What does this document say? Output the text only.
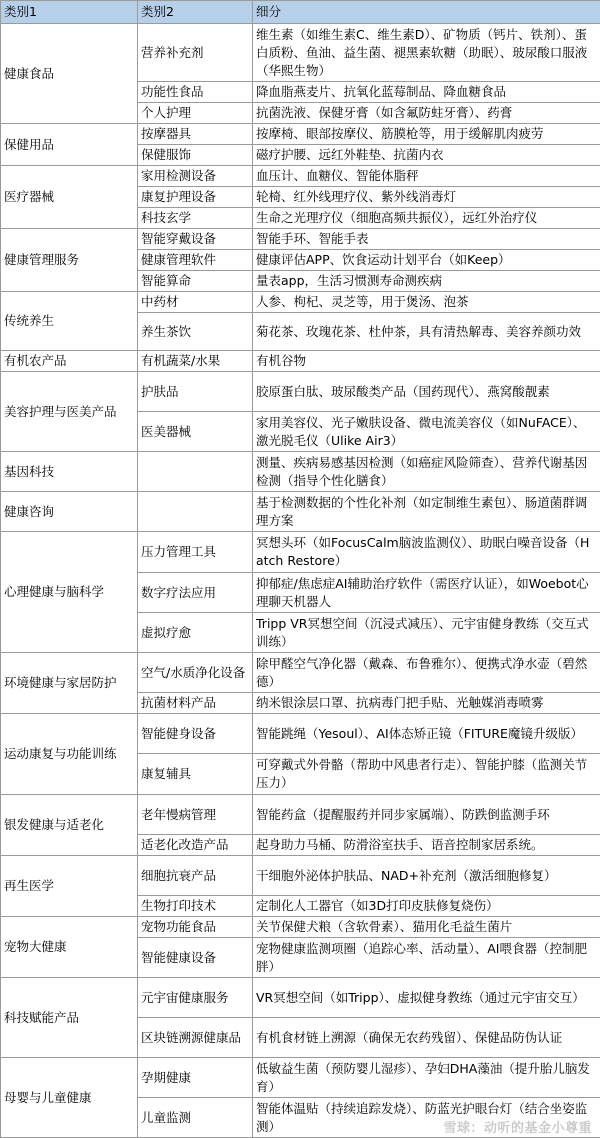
类别1	类别2	细分
健康食品	营养补充剂	维生素（如维生素C、维生素D）、矿物质（钙片、铁剂）、蛋白质粉、鱼油、益生菌、褪黑素软糖（助眠）、玻尿酸口服液（华熙生物）
	功能性食品	降血脂燕麦片、抗氧化蓝莓制品、降血糖食品
	个人护理	抗菌洗液、保健牙膏（如含氟防蛀牙膏）、药膏
保健用品	按摩器具	按摩椅、眼部按摩仪、筋膜枪等，用于缓解肌肉疲劳
	保健服饰	磁疗护腰、远红外鞋垫、抗菌内衣
医疗器械	家用检测设备	血压计、血糖仪、智能体脂秤
	康复护理设备	轮椅、红外线理疗仪、紫外线消毒灯
	科技玄学	生命之光理疗仪（细胞高频共振仪），远红外治疗仪
健康管理服务	智能穿戴设备	智能手环、智能手表
	健康管理软件	健康评估APP、饮食运动计划平台（如Keep）
	智能算命	量表app，生活习惯测寿命测疾病
传统养生	中药材	人参、枸杞、灵芝等，用于煲汤、泡茶
	养生茶饮	菊花茶、玫瑰花茶、杜仲茶，具有清热解毒、美容养颜功效
有机农产品	有机蔬菜/水果	有机谷物
美容护理与医美产品	护肤品	胶原蛋白肽、玻尿酸类产品（国药现代）、燕窝酸靓素
	医美器械	家用美容仪、光子嫩肤设备、微电流美容仪（如NuFACE）、激光脱毛仪（Ulike Air3）
基因科技		测量、疾病易感基因检测（如癌症风险筛查）、营养代谢基因检测（指导个性化膳食）
健康咨询		基于检测数据的个性化补剂（如定制维生素包）、肠道菌群调理方案
心理健康与脑科学	压力管理工具	冥想头环（如FocusCalm脑波监测仪）、助眠白噪音设备（Hatch Restore）
	数字疗法应用	抑郁症/焦虑症AI辅助治疗软件（需医疗认证），如Woebot心理聊天机器人
	虚拟疗愈	Tripp VR冥想空间（沉浸式减压）、元宇宙健身教练（交互式训练）
环境健康与家居防护	空气/水质净化设备	除甲醛空气净化器（戴森、布鲁雅尔）、便携式净水壶（碧然德）
	抗菌材料产品	纳米银涂层口罩、抗病毒门把手贴、光触媒消毒喷雾
运动康复与功能训练	智能健身设备	智能跳绳（Yesoul）、AI体态矫正镜（FITURE魔镜升级版）
	康复辅具	可穿戴式外骨骼（帮助中风患者行走）、智能护膝（监测关节压力）
银发健康与适老化	老年慢病管理	智能药盒（提醒服药并同步家属端）、防跌倒监测手环
	适老化改造产品	起身助力马桶、防滑浴室扶手、语音控制家居系统。
再生医学	细胞抗衰产品	干细胞外泌体护肤品、NAD+补充剂（激活细胞修复）
	生物打印技术	定制化人工器官（如3D打印皮肤修复烧伤）
宠物大健康	宠物功能食品	关节保健犬粮（含软骨素）、猫用化毛益生菌片
	智能健康设备	宠物健康监测项圈（追踪心率、活动量）、AI喂食器（控制肥胖）
科技赋能产品	元宇宙健康服务	VR冥想空间（如Tripp）、虚拟健身教练（通过元宇宙交互）
	区块链溯源健康品	有机食材链上溯源（确保无农药残留）、保健品防伪认证
母婴与儿童健康	孕期健康	低敏益生菌（预防婴儿湿疹）、孕妇DHA藻油（提升胎儿脑发育）
	儿童监测	智能体温贴（持续追踪发烧）、防蓝光护眼台灯（结合坐姿监测）	雪球：动听的基金小尊重
